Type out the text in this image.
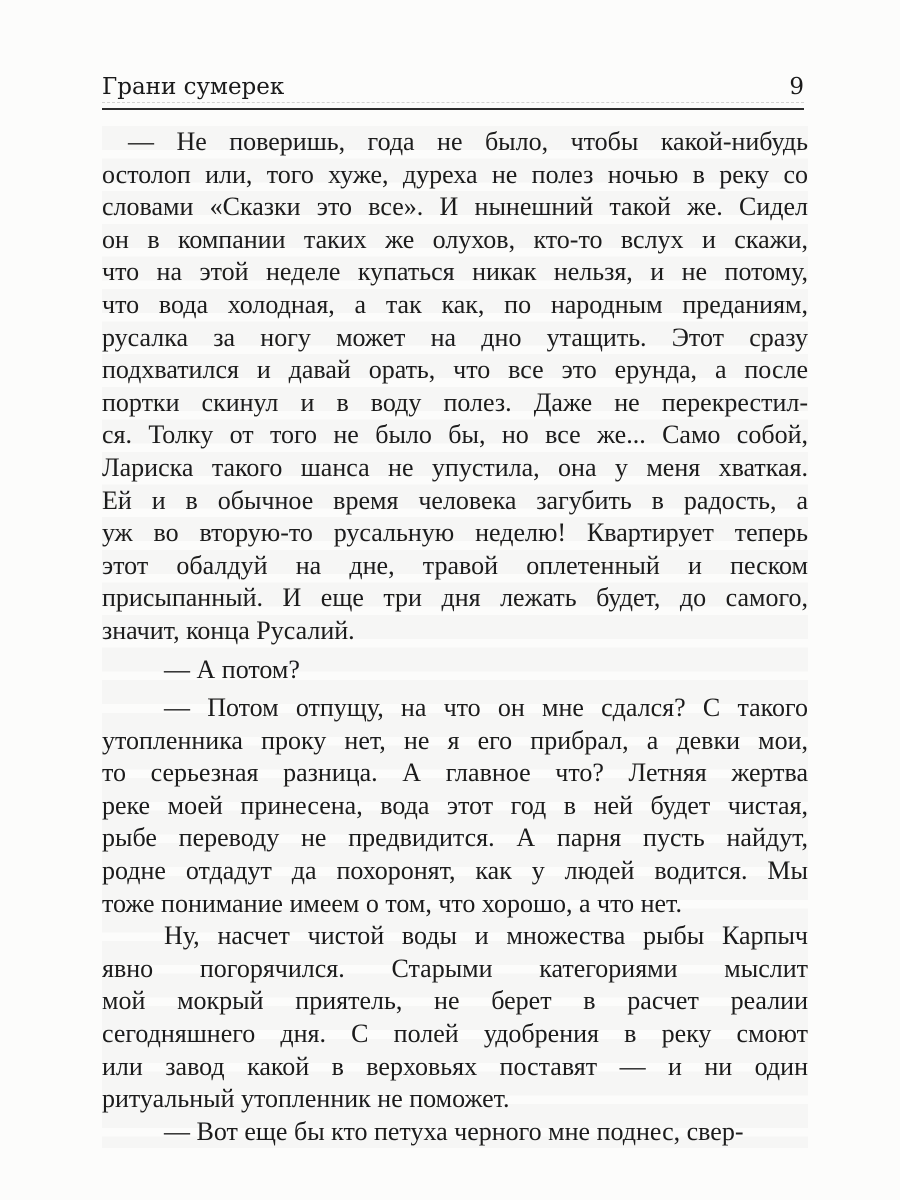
Грани сумерек	9
— Не поверишь, года не было, чтобы какой-нибудь
остолоп или, того хуже, дуреха не полез ночью в реку со
словами «Сказки это все». И нынешний такой же. Сидел
он в компании таких же олухов, кто-то вслух и скажи,
что на этой неделе купаться никак нельзя, и не потому,
что вода холодная, а так как, по народным преданиям,
русалка за ногу может на дно утащить. Этот сразу
подхватился и давай орать, что все это ерунда, а после
портки скинул и в воду полез. Даже не перекрестил-
ся. Толку от того не было бы, но все же... Само собой,
Лариска такого шанса не упустила, она у меня хваткая.
Ей и в обычное время человека загубить в радость, а
уж во вторую-то русальную неделю! Квартирует теперь
этот обалдуй на дне, травой оплетенный и песком
присыпанный. И еще три дня лежать будет, до самого,
значит, конца Русалий.
— А потом?
— Потом отпущу, на что он мне сдался? С такого
утопленника проку нет, не я его прибрал, а девки мои,
то серьезная разница. А главное что? Летняя жертва
реке моей принесена, вода этот год в ней будет чистая,
рыбе переводу не предвидится. А парня пусть найдут,
родне отдадут да похоронят, как у людей водится. Мы
тоже понимание имеем о том, что хорошо, а что нет.
Ну, насчет чистой воды и множества рыбы Карпыч
явно погорячился. Старыми категориями мыслит
мой мокрый приятель, не берет в расчет реалии
сегодняшнего дня. С полей удобрения в реку смоют
или завод какой в верховьях поставят — и ни один
ритуальный утопленник не поможет.
— Вот еще бы кто петуха черного мне поднес, свер-
